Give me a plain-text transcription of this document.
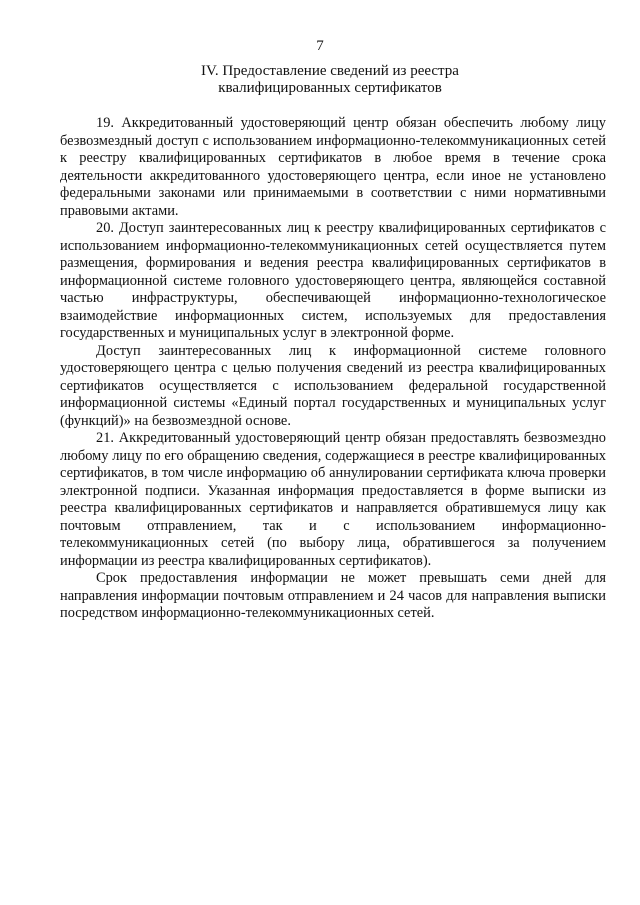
7
IV. Предоставление сведений из реестра
квалифицированных сертификатов

19. Аккредитованный удостоверяющий центр обязан обеспечить любому лицу безвозмездный доступ с использованием информационно-телекоммуникационных сетей к реестру квалифицированных сертификатов в любое время в течение срока деятельности аккредитованного удостоверяющего центра, если иное не установлено федеральными законами или принимаемыми в соответствии с ними нормативными правовыми актами.

20. Доступ заинтересованных лиц к реестру квалифицированных сертификатов с использованием информационно-телекоммуникационных сетей осуществляется путем размещения, формирования и ведения реестра квалифицированных сертификатов в информационной системе головного удостоверяющего центра, являющейся составной частью инфраструктуры, обеспечивающей информационно-технологическое взаимодействие информационных систем, используемых для предоставления государственных и муниципальных услуг в электронной форме.

Доступ заинтересованных лиц к информационной системе головного удостоверяющего центра с целью получения сведений из реестра квалифицированных сертификатов осуществляется с использованием федеральной государственной информационной системы «Единый портал государственных и муниципальных услуг (функций)» на безвозмездной основе.

21. Аккредитованный удостоверяющий центр обязан предоставлять безвозмездно любому лицу по его обращению сведения, содержащиеся в реестре квалифицированных сертификатов, в том числе информацию об аннулировании сертификата ключа проверки электронной подписи. Указанная информация предоставляется в форме выписки из реестра квалифицированных сертификатов и направляется обратившемуся лицу как почтовым отправлением, так и с использованием информационно-телекоммуникационных сетей (по выбору лица, обратившегося за получением информации из реестра квалифицированных сертификатов).

Срок предоставления информации не может превышать семи дней для направления информации почтовым отправлением и 24 часов для направления выписки посредством информационно-телекоммуникационных сетей.
